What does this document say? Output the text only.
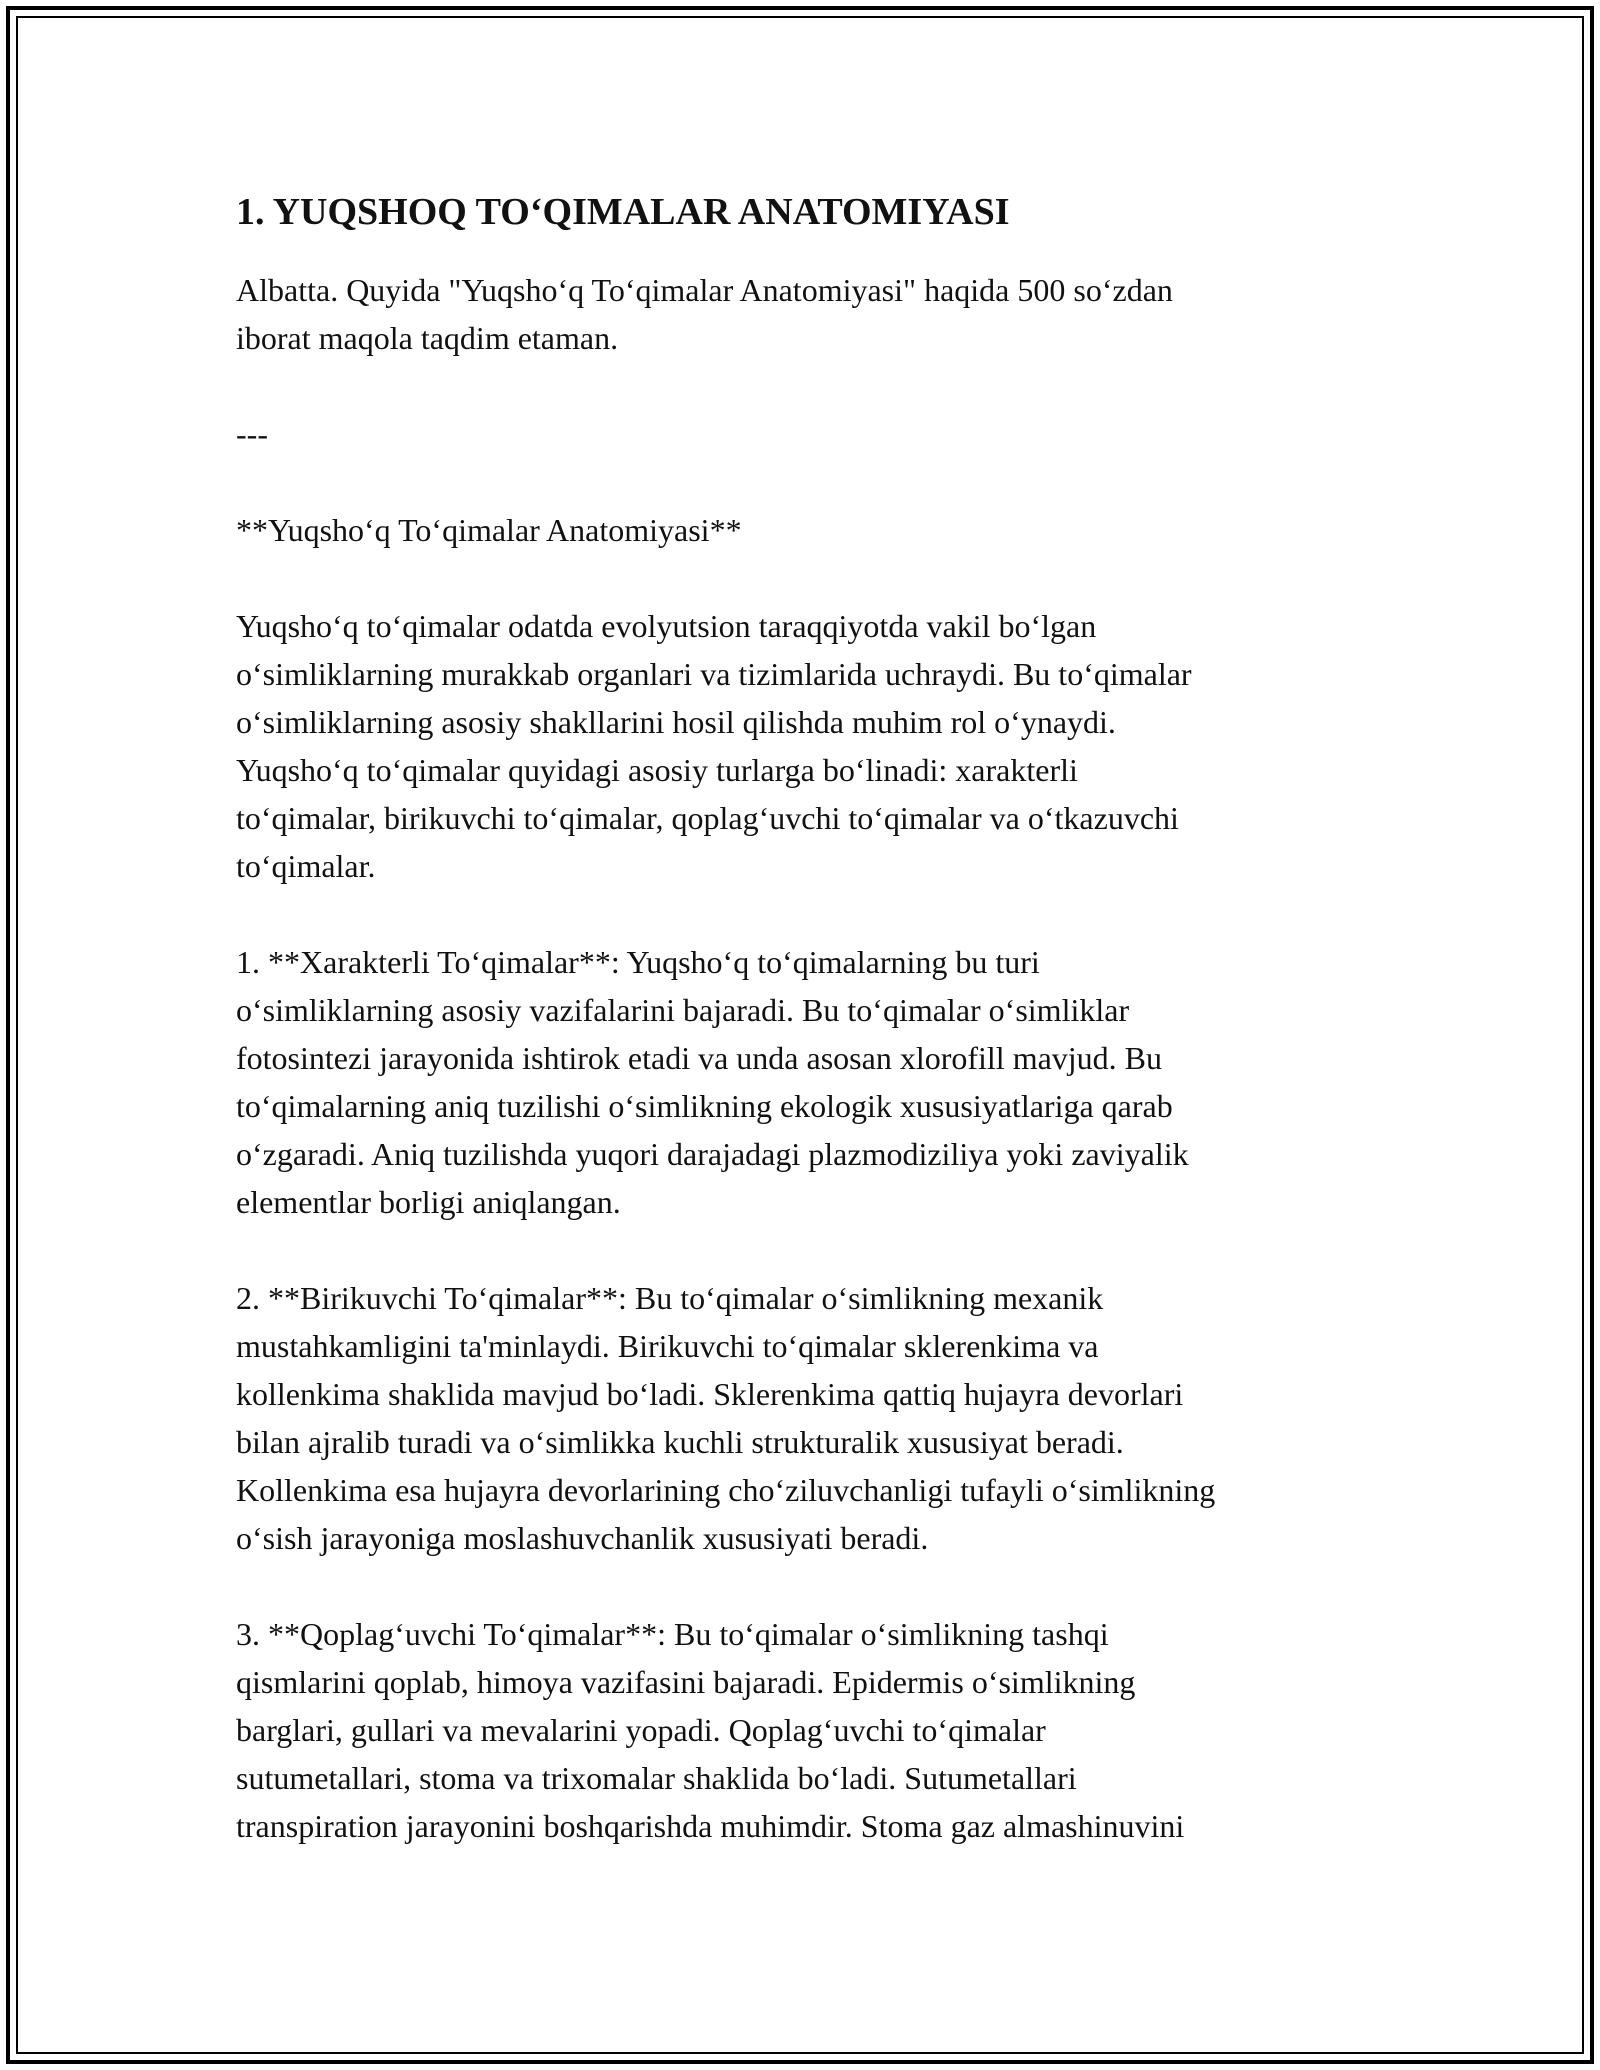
1. YUQSHOQ TO‘QIMALAR ANATOMIYASI

Albatta. Quyida "Yuqsho‘q To‘qimalar Anatomiyasi" haqida 500 so‘zdan
iborat maqola taqdim etaman.

---

**Yuqsho‘q To‘qimalar Anatomiyasi**

Yuqsho‘q to‘qimalar odatda evolyutsion taraqqiyotda vakil bo‘lgan
o‘simliklarning murakkab organlari va tizimlarida uchraydi. Bu to‘qimalar
o‘simliklarning asosiy shakllarini hosil qilishda muhim rol o‘ynaydi.
Yuqsho‘q to‘qimalar quyidagi asosiy turlarga bo‘linadi: xarakterli
to‘qimalar, birikuvchi to‘qimalar, qoplag‘uvchi to‘qimalar va o‘tkazuvchi
to‘qimalar.

1. **Xarakterli To‘qimalar**: Yuqsho‘q to‘qimalarning bu turi
o‘simliklarning asosiy vazifalarini bajaradi. Bu to‘qimalar o‘simliklar
fotosintezi jarayonida ishtirok etadi va unda asosan xlorofill mavjud. Bu
to‘qimalarning aniq tuzilishi o‘simlikning ekologik xususiyatlariga qarab
o‘zgaradi. Aniq tuzilishda yuqori darajadagi plazmodiziliya yoki zaviyalik
elementlar borligi aniqlangan.

2. **Birikuvchi To‘qimalar**: Bu to‘qimalar o‘simlikning mexanik
mustahkamligini ta'minlaydi. Birikuvchi to‘qimalar sklerenkima va
kollenkima shaklida mavjud bo‘ladi. Sklerenkima qattiq hujayra devorlari
bilan ajralib turadi va o‘simlikka kuchli strukturalik xususiyat beradi.
Kollenkima esa hujayra devorlarining cho‘ziluvchanligi tufayli o‘simlikning
o‘sish jarayoniga moslashuvchanlik xususiyati beradi.

3. **Qoplag‘uvchi To‘qimalar**: Bu to‘qimalar o‘simlikning tashqi
qismlarini qoplab, himoya vazifasini bajaradi. Epidermis o‘simlikning
barglari, gullari va mevalarini yopadi. Qoplag‘uvchi to‘qimalar
sutumetallari, stoma va trixomalar shaklida bo‘ladi. Sutumetallari
transpiration jarayonini boshqarishda muhimdir. Stoma gaz almashinuvini
